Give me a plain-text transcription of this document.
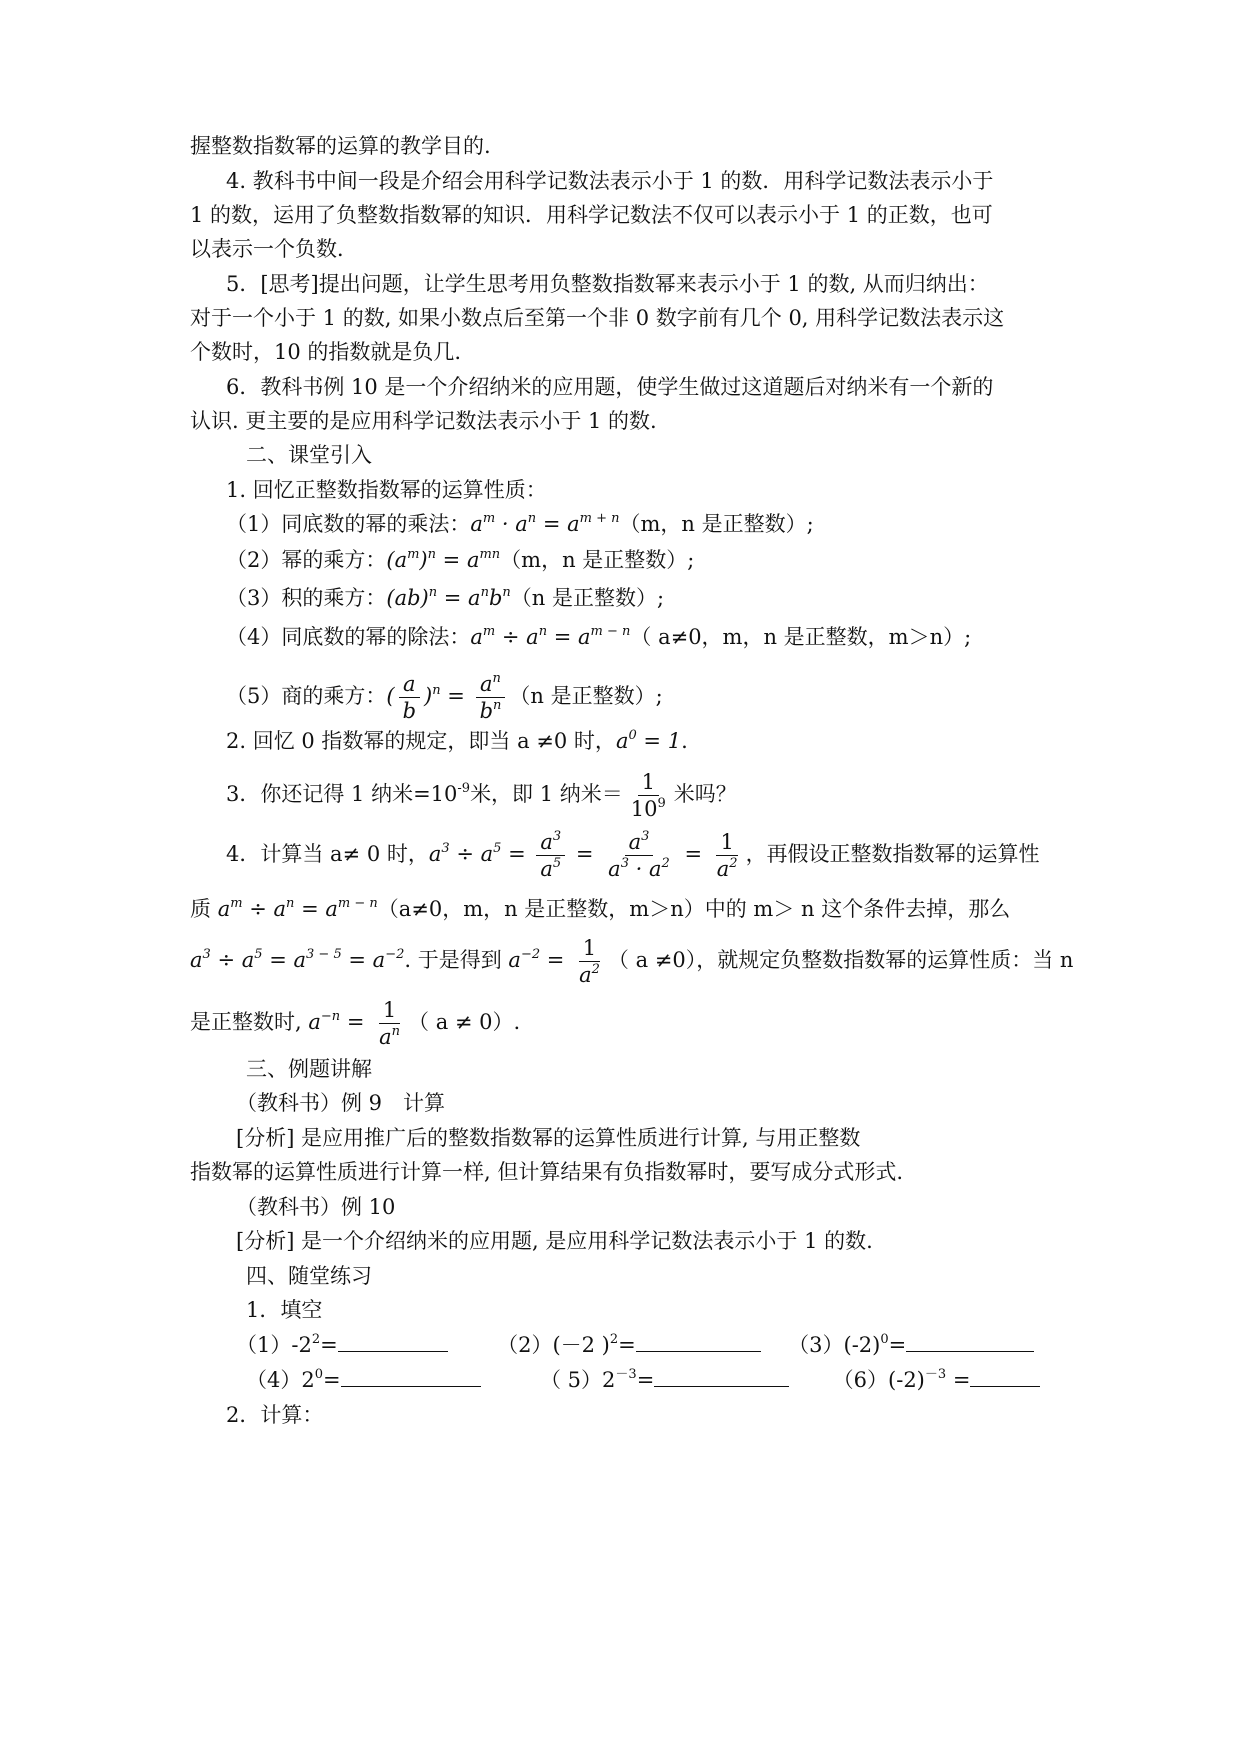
握整数指数幂的运算的教学目的.
4. 教科书中间一段是介绍会用科学记数法表示小于 1 的数．用科学记数法表示小于
1 的数，运用了负整数指数幂的知识．用科学记数法不仅可以表示小于 1 的正数，也可
以表示一个负数．
5．[思考]提出问题，让学生思考用负整数指数幂来表示小于 1 的数, 从而归纳出：
对于一个小于 1 的数, 如果小数点后至第一个非 0 数字前有几个 0, 用科学记数法表示这
个数时，10 的指数就是负几.
6．教科书例 10 是一个介绍纳米的应用题，使学生做过这道题后对纳米有一个新的
认识. 更主要的是应用科学记数法表示小于 1 的数.
二、课堂引入
1. 回忆正整数指数幂的运算性质：
（1）同底数的幂的乘法：$a^m \cdot a^n = a^{m + n}(m$，n 是正整数）;
（2）幂的乘方：$(a^m)^n = a^{mn}(m$，n 是正整数）;
（3）积的乘方：$(ab)^n = a^nb^n(n$ 是正整数）;
（4）同底数的幂的除法：$a^m \div a^n = a^{m - n}$（ a≠0，m，n 是正整数，m＞n）;
（5）商的乘方：( $\frac{a}{b} )^n = \frac{a^n}{b^n} (n$ 是正整数）;
2. 回忆 0 指数幂的规定，即当 a ≠0 时，$a^0 = 1$.
3．你还记得 1 纳米$=10^{-9}$米，即 1 纳米＝ $\frac{1}{10^9}$ 米吗？
4．计算当 a≠ 0 时，$a^3 \div a^5 = \frac{a^3}{a^5} = \frac{a^3}{a^3 \cdot a^2} = \frac{1}{a^2}$ ，再假设正整数指数幂的运算性
质 $a^m \div a^n = a^{m - n}(a\ne 0$，m，n 是正整数，m＞n）中的 m＞ n 这个条件去掉，那么
$a^3 \div a^5 = a^{3 - 5} = a^{-2}$. 于是得到 $a^{-2} = \frac{1}{a^2}$ （ a ≠0），就规定负整数指数幂的运算性质：当 n
是正整数时, $a^{-n} = \frac{1}{a^n}$ （ a ≠ 0）.
三、例题讲解
（教科书）例 9　计算
[分析] 是应用推广后的整数指数幂的运算性质进行计算, 与用正整数
指数幂的运算性质进行计算一样, 但计算结果有负指数幂时，要写成分式形式.
（教科书）例 10
[分析] 是一个介绍纳米的应用题, 是应用科学记数法表示小于 1 的数.
四、随堂练习
1．填空
$(1)-2^2=$	（2）(－2 )$^2$=	$(3)(-2)^0=$
$(4)2^0=$	（ $5)2^{-3}=$	$(6)(-2)^{-3}$ =
2．计算：
